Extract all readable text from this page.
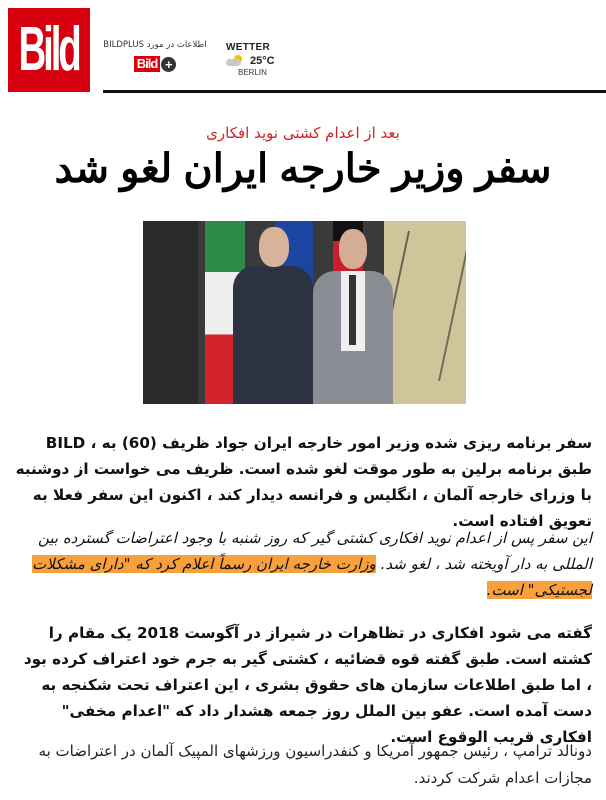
Bild	BILDPLUS اطلاعات در مورد
Bild +
WETTER
25°C
BERLIN
بعد از اعدام کشتی نوید افکاری
سفر وزیر خارجه ایران لغو شد

سفر برنامه ریزی شده وزیر امور خارجه ایران جواد ظریف (60) به ، BILD طبق برنامه برلین به طور موقت لغو شده است. ظریف می خواست از دوشنبه با وزرای خارجه آلمان ، انگلیس و فرانسه دیدار کند ، اکنون این سفر فعلا به تعویق افتاده است.

این سفر پس از اعدام نوید افکاری کشتی گیر که روز شنبه با وجود اعتراضات گسترده بین المللی به دار آویخته شد ، لغو شد. وزارت خارجه ایران رسماً اعلام کرد که "دارای مشکلات لجستیکی" است.

گفته می شود افکاری در تظاهرات در شیراز در آگوست 2018 یک مقام را کشته است. طبق گفته قوه قضائیه ، کشتی گیر به جرم خود اعتراف کرده بود ، اما طبق اطلاعات سازمان های حقوق بشری ، این اعتراف تحت شکنجه به دست آمده است. عفو بین الملل روز جمعه هشدار داد که "اعدام مخفی" افکاری قریب الوقوع است.

دونالد ترامپ ، رئیس جمهور آمریکا و کنفدراسیون ورزشهای المپیک آلمان در اعتراضات به مجازات اعدام شرکت کردند.
